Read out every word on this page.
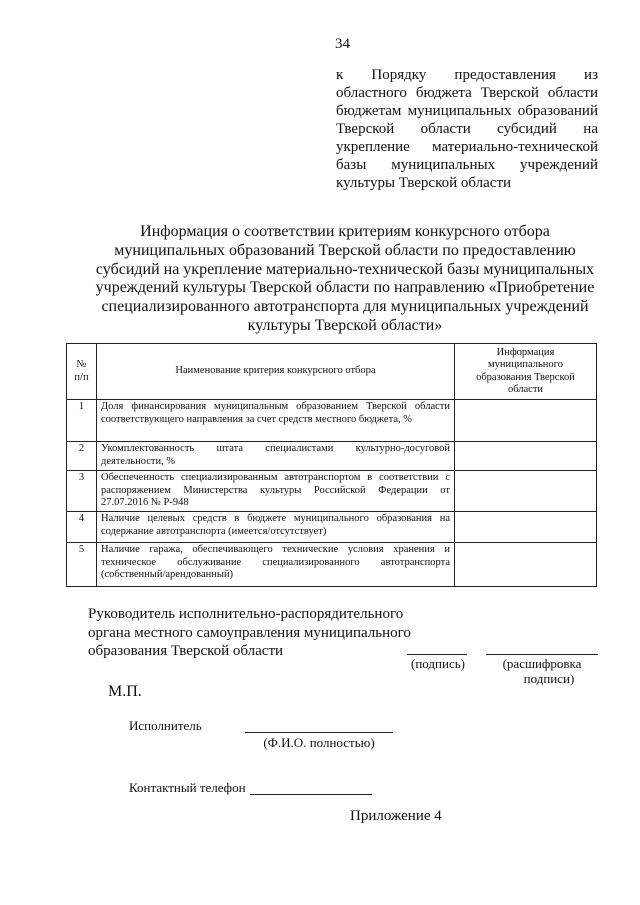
34
к Порядку предоставления из
областного бюджета Тверской области
бюджетам муниципальных образований
Тверской области субсидий на
укрепление материально-технической
базы муниципальных учреждений
культуры Тверской области
Информация о соответствии критериям конкурсного отбора
муниципальных образований Тверской области по предоставлению
субсидий на укрепление материально-технической базы муниципальных
учреждений культуры Тверской области по направлению «Приобретение
специализированного автотранспорта для муниципальных учреждений
культуры Тверской области»
№ п/п	Наименование критерия конкурсного отбора	Информация муниципального образования Тверской области
1	Доля финансирования муниципальным образованием Тверской области соответствующего направления за счет средств местного бюджета, %	
2	Укомплектованность штата специалистами культурно-досуговой деятельности, %	
3	Обеспеченность специализированным автотранспортом в соответствии с распоряжением Министерства культуры Российской Федерации от 27.07.2016 № Р-948	
4	Наличие целевых средств в бюджете муниципального образования на содержание автотранспорта (имеется/отсутствует)	
5	Наличие гаража, обеспечивающего технические условия хранения и техническое обслуживание специализированного автотранспорта (собственный/арендованный)	
Руководитель исполнительно-распорядительного
органа местного самоуправления муниципального
образования Тверской области
(подпись)	(расшифровка
подписи)
М.П.
Исполнитель
(Ф.И.О. полностью)
Контактный телефон
Приложение 4
